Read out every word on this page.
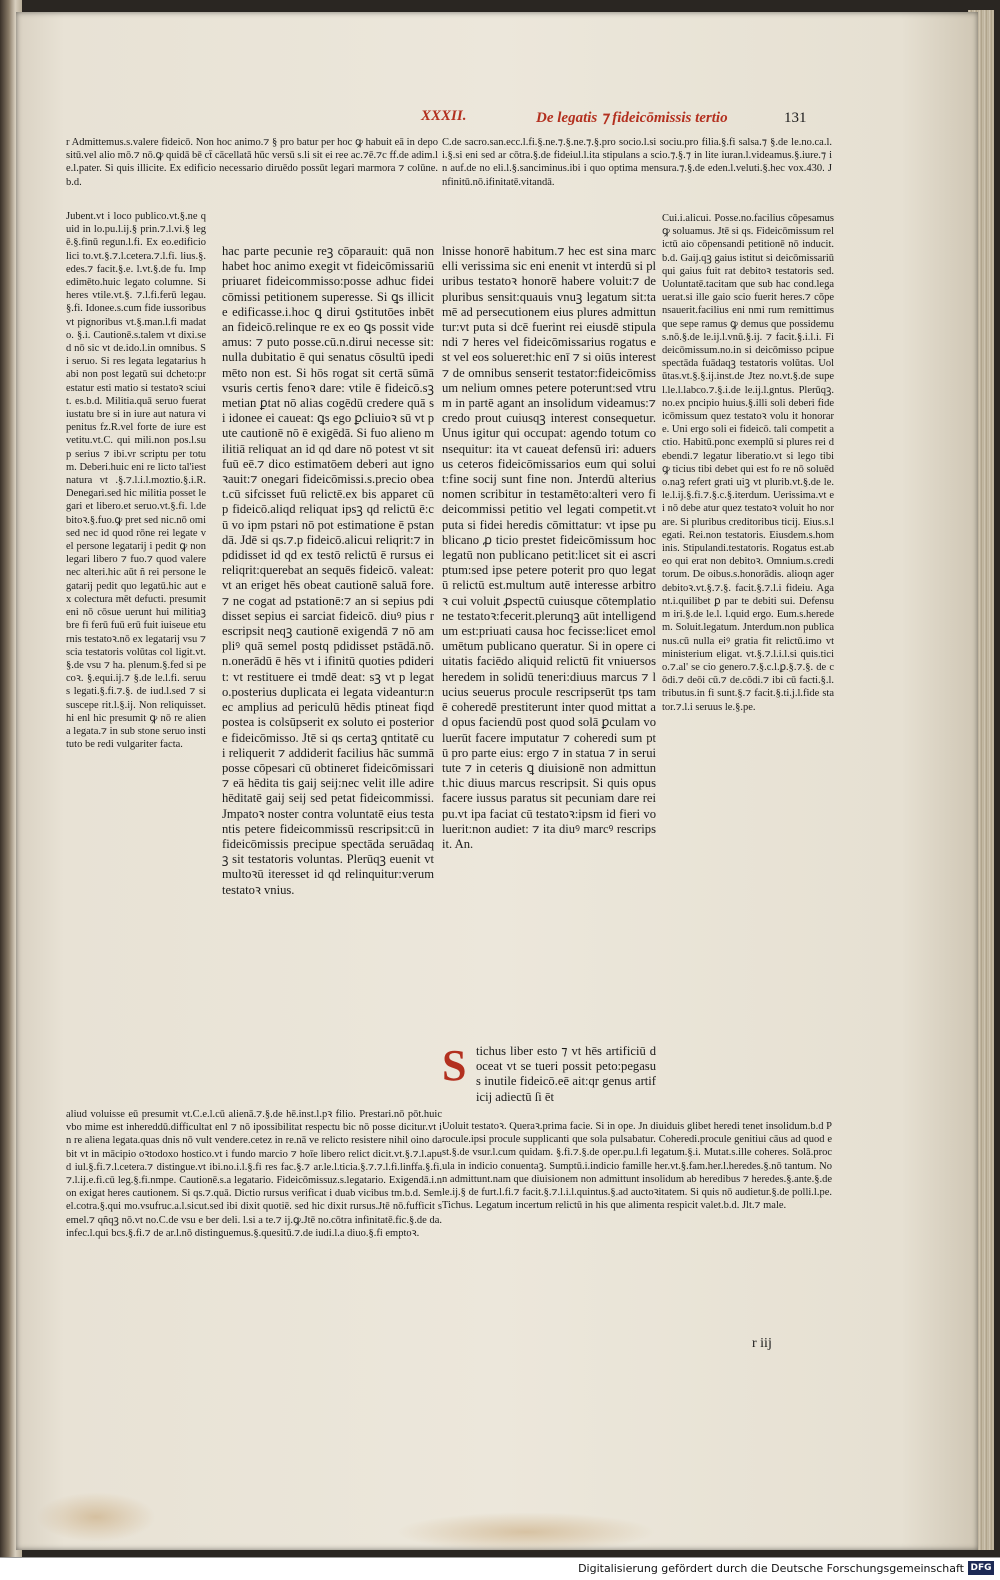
XXXII.	De legatis ⁊ fideicōmissis tertio	131
r Admittemus.s.valere fideicō. Non hoc animo.⁊ § pro batur per hoc ꝙ habuit eā in depositū.vel alio mō.⁊ nō.ꝙ quidā bē ct̄ cācellatā hūc versū s.li sit ei ree ac.⁊ē.⁊c ff.de adim.le.l.pater. Si quis illicite. Ex edificio necessario diruēdo possūt legari marmora ⁊ colūne.b.d.
Jubent.vt i loco publico.vt.§.ne quid in lo.pu.l.ij.§ prin.⁊.l.vi.§ legē.§.finū regun.l.fi. Ex eo.edificio lici to.vt.§.⁊.l.cetera.⁊.l.fi. lius.§.edes.⁊ facit.§.e. l.vt.§.de fu. Impedimēto.huic legato columne. Si heres vtile.vt.§. ⁊.l.fi.ferū legau.§.fi. Idonee.s.cum fide iussoribus vt pignoribus vt.§.man.l.fi madato. §.i. Cautionē.s.talem vt dixi.sed nō sic vt de.ido.l.in omnibus. Si seruo. Si res legata legatarius habi non post legatū sui dcheto:prestatur esti matio si testatoꝛ sciuit. es.b.d. Militia.quā seruo fuerat iustatu bre si in iure aut natura vi penitus fz.R.vel forte de iure est vetitu.vt.C. qui mili.non pos.l.sup serius ⁊ ibi.vr scriptu per totum. Deberi.huic eni re licto tal'iest natura vt .§.⁊.l.i.l.moztio.§.i.R. Denegari.sed hic militia posset legari et libero.et seruo.vt.§.fi. l.debitoꝛ.§.fuo.ꝙ pret sed nic.nō omi sed nec id quod rōne rei legate vel persone legatarij i pedit ꝙ non legari libero ⁊ fuo.⁊ quod valere nec alteri.hic aūt ñ rei persone legatarij pedit quo legatū.hic aut ex colectura mēt defucti. presumit eni nō cōsue uerunt hui militiaꝫ bre fi ferū fuū erū fuit iuiseue eturnis testatoꝛ.nō ex legatarij vsu ⁊ scia testatoris volūtas col ligit.vt.§.de vsu ⁊ ha. plenum.§.fed si pecoꝛ. §.equi.ij.⁊ §.de le.l.fi. seruus legati.§.fi.⁊.§. de iud.l.sed ⁊ si suscepe rit.l.§.ij. Non reliquisset.hi enl hic presumit ꝙ nō re aliena legata.⁊ in sub stone seruo instituto be redi vulgariter facta.
hac parte pecunie reꝫ cōparauit: quā non habet hoc animo exegit vt fideicōmissariū priuaret fideicommisso:posse adhuc fideicōmissi petitionem superesse. Si ꝗs illicite edificasse.i.hoc ꝗ dirui ꝯstitutōes inbēt an fideicō.relinque re ex eo ꝗs possit videamus: ⁊ puto posse.cū.n.dirui necesse sit: nulla dubitatio ē qui senatus cōsultū ipedimēto non est. Si hōs rogat sit certā sūmā vsuris certis fenoꝛ dare: vtile ē fideicō.sꝫ metian ꝑtat nō alias cogēdū credere quā si idonee ei caueat: ꝗs ego ꝑcliuioꝛ sū vt pute cautionē nō ē exigēdā. Si fuo alieno militiā reliquat an id qd dare nō potest vt sit fuū eē.⁊ dico estimatōem deberi aut ignoꝛauit:⁊ onegari fideicōmissi.s.precio obeat.cū sifcisset fuū relictē.ex bis apparet cū p fideicō.aliqd reliquat ipsꝫ qd relictū ē:cū vo ipm pstari nō pot estimatione ē pstandā. Jdē si qs.⁊.p fideicō.alicui reliqrit:⁊ in pdidisset id qd ex testō relictū ē rursus ei reliqrit:querebat an sequēs fideicō. valeat:vt an eriget hēs obeat cautionē saluā fore.⁊ ne cogat ad pstationē:⁊ an si sepius pdidisset sepius ei sarciat fideicō. diuꝰ pius rescripsit neqꝫ cautionē exigendā ⁊ nō ampliꝰ quā semel postq pdidisset pstādā.nō.n.onerādū ē hēs vt i ifinitū quoties pdiderit: vt restituere ei tmdē deat: sꝫ vt p legato.posterius duplicata ei legata videantur:nec amplius ad periculū hēdis ptineat fiqd postea is colsūpserit ex soluto ei posteriore fideicōmisso. Jtē si qs certaꝫ qntitatē cui reliquerit ⁊ addiderit facilius hāc summā posse cōpesari cū obtineret fideicōmissari ⁊ eā hēdita tis gaij seij:nec velit ille adire hēditatē gaij seij sed petat fideicommissi. Jmpatoꝛ noster contra voluntatē eius testantis petere fideicommissū rescripsit:cū in fideicōmissis precipue spectāda seruādaqꝫ sit testatoris voluntas. Plerūqꝫ euenit vt multoꝛū iteresset id qd relinquitur:verum testatoꝛ vnius.
aliud voluisse eū presumit vt.C.e.l.cū alienā.⁊.§.de hē.inst.l.pꝛ filio. Prestari.nō pōt.huic vbo mime est inhereddū.difficultat enl ⁊ nō ipossibilitat respectu bic nō posse dicitur.vt in re aliena legata.quas dnis nō vult vendere.cetez in re.nā ve relicto resistere nihil oino dabit vt in mācipio oꝛtodoxo hostico.vt i fundo marcio ⁊ hoīe libero relict dicit.vt.§.⁊.l.apud iul.§.fi.⁊.l.cetera.⁊ distingue.vt ibi.no.i.l.§.fi res fac.§.⁊ ar.le.l.ticia.§.⁊.⁊.l.fi.linffa.§.fi.⁊.l.ij.e.fi.cū leg.§.fi.nmpe. Cautionē.s.a legatario. Fideicōmissuz.s.legatario. Exigendā.i.non exigat heres cautionem. Si qs.⁊.quā. Dictio rursus verificat i duab vicibus tm.b.d. Semel.cotra.§.qui mo.vsufruc.a.l.sicut.sed ibi dixit quotiē. sed hic dixit rursus.Jtē nō.fufficit semel.⁊ qñqꝫ nō.vt no.C.de vsu e ber deli. l.si a te.⁊ ij.ꝙ.Jtē no.cōtra infinitatē.fic.§.de da.infec.l.qui bcs.§.fi.⁊ de ar.l.nō distinguemus.§.quesitū.⁊.de iudi.l.a diuo.§.fi emptoꝛ.
C.de sacro.san.ecc.l.fi.§.ne.⁊.§.ne.⁊.§.pro socio.l.si sociu.pro filia.§.fi salsa.⁊ §.de le.no.ca.l.i.§.si eni sed ar cōtra.§.de fideiul.l.ita stipulans a scio.⁊.§.⁊ in lite iuran.l.videamus.§.iure.⁊ in auf.de no eli.l.§.sanciminus.ibi i quo optima mensura.⁊.§.de eden.l.veluti.§.hec vox.430. Jnfinitū.nō.ifinitatē.vitandā.
lnisse honorē habitum.⁊ hec est sina marcelli verissima sic eni enenit vt interdū si pluribus testatoꝛ honorē habere voluit:⁊ de pluribus sensit:quauis vnuꝫ legatum sit:tamē ad persecutionem eius plures admittuntur:vt puta si dcē fuerint rei eiusdē stipulandi ⁊ heres vel fideicōmissarius rogatus est vel eos solueret:hic enī ⁊ si oiūs interest ⁊ de omnibus senserit testator:fideicōmissum nelium omnes petere poterunt:sed vtrum in partē agant an insolidum videamus:⁊ credo prout cuiusqꝫ interest consequetur. Unus igitur qui occupat: agendo totum consequitur: ita vt caueat defensū iri: aduersus ceteros fideicōmissarios eum qui soluit:fine socij sunt fine non. Jnterdū alterius nomen scribitur in testamēto:alteri vero fideicommissi petitio vel legati competit.vtputa si fidei heredis cōmittatur: vt ipse publicano ꝓ ticio prestet fideicōmissum hoc legatū non publicano petit:licet sit ei ascriptum:sed ipse petere poterit pro quo legatū relictū est.multum autē interesse arbitrοꝛ cui voluit ꝓspectū cuiusque cōtemplatione testatoꝛ:fecerit.plerunqꝫ aūt intelligendum est:priuati causa hoc fecisse:licet emolumētum publicano queratur. Si in opere ciuitatis faciēdo aliquid relictū fit vniuersos heredem in solidū teneri:diuus marcus ⁊ lucius seuerus procule rescripserūt tps tamē coheredē prestiterunt inter quod mittat ad opus faciendū post quod solā ꝑculam voluerūt facere imputatur ⁊ coheredi sum ptū pro parte eius: ergo ⁊ in statua ⁊ in seruitute ⁊ in ceteris ꝗ diuisionē non admittunt.hic diuus marcus rescripsit. Si quis opus facere iussus paratus sit pecuniam dare reipu.vt ipa faciat cū testatoꝛ:ipsm id fieri voluerit:non audiet: ⁊ ita diuꝰ marcꝰ rescripsit. An.
S tichus liber esto ⁊ vt hēs artificiū doceat vt se tueri possit peto:pegasus inutile fideicō.eē ait:qr genus artificij adiectū ſi ēt
Uoluit testatoꝛ. Queraꝛ.prima facie. Si in ope. Jn diuiduis glibet heredi tenet insolidum.b.d Procule.ipsi procule supplicanti que sola pulsabatur. Coheredi.procule genitiui cāus ad quod est.§.de vsur.l.cum quidam. §.fi.⁊.§.de oper.pu.l.fi legatum.§.i. Mutat.s.ille coheres. Solā.procula in indicio conuentaꝫ. Sumptū.i.indicio famille her.vt.§.fam.her.l.heredes.§.nō tantum. Non admittunt.nam que diuisionem non admittunt insolidum ab heredibus ⁊ heredes.§.ante.§.de le.ij.§ de furt.l.fi.⁊ facit.§.⁊.l.i.l.quintus.§.ad auctoꝛitatem. Si quis nō audietur.§.de polli.l.pe. Tichus. Legatum incertum relictū in his que alimenta respicit valet.b.d. Jlt.⁊ male.
Cui.i.alicui. Posse.no.facilius cōpesamus ꝙ soluamus. Jtē si qs. Fideicōmissum relictū aio cōpensandi petitionē nō inducit.b.d. Gaij.qꝫ gaius istitut si deicōmissariū qui gaius fuit rat debitoꝛ testatoris sed. Uoluntatē.tacitam que sub hac cond.legauerat.si ille gaio scio fuerit heres.⁊ cōpensauerit.facilius eni nmi rum remittimus que sepe ramus ꝙ demus que possidemus.nō.§.de le.ij.l.vnū.§.ij. ⁊ facit.§.i.l.i. Fideicōmissum.no.in si deicōmisso pcipue spectāda fuādaqꝫ testatoris volūtas. Uolūtas.vt.§.§.ij.inst.de Jtez no.vt.§.de supel.le.l.labco.⁊.§.i.de le.ij.l.gntus. Plerūqꝫ.no.ex pncipio huius.§.illi soli deberi fideicōmissum quez testatoꝛ volu it honorare. Uni ergo soli ei fideicō. tali competit actio. Habitū.ponc exemplū si plures rei debendi.⁊ legatur liberatio.vt si lego tibi ꝙ ticius tibi debet qui est fo re nō soluēdo.naꝫ refert grati uiꝫ vt plurib.vt.§.de le. le.l.ij.§.fi.⁊.§.c.§.iterdum. Uerissima.vt ei nō debe atur quez testatoꝛ voluit ho norare. Si pluribus creditoribus ticij. Eius.s.legati. Rei.non testatoris. Eiusdem.s.hominis. Stipulandi.testatoris. Rogatus est.ab eo qui erat non debitoꝛ. Omnium.s.creditorum. De oibus.s.honorādis. alioqn ager debitoꝛ.vt.§.⁊.§. facit.§.⁊.l.i fideiu. Agant.i.quilibet ꝑ par te debiti sui. Defensum iri.§.de le.l. l.quid ergo. Eum.s.heredem. Soluit.legatum. Jnterdum.non publicanus.cū nulla eiꝰ gratia fit relictū.imo vt ministerium eligat. vt.§.⁊.l.i.l.si quis.ticio.⁊.al' se cio genero.⁊.§.c.l.ꝑ.§.⁊.§. de cōdi.⁊ deōi cū.⁊ de.cōdi.⁊ ibi cū facti.§.l.tributus.in fi sunt.§.⁊ facit.§.ti.j.l.fide stator.⁊.l.i seruus le.§.pe.
r iij
Digitalisierung gefördert durch die Deutsche Forschungsgemeinschaft DFG
